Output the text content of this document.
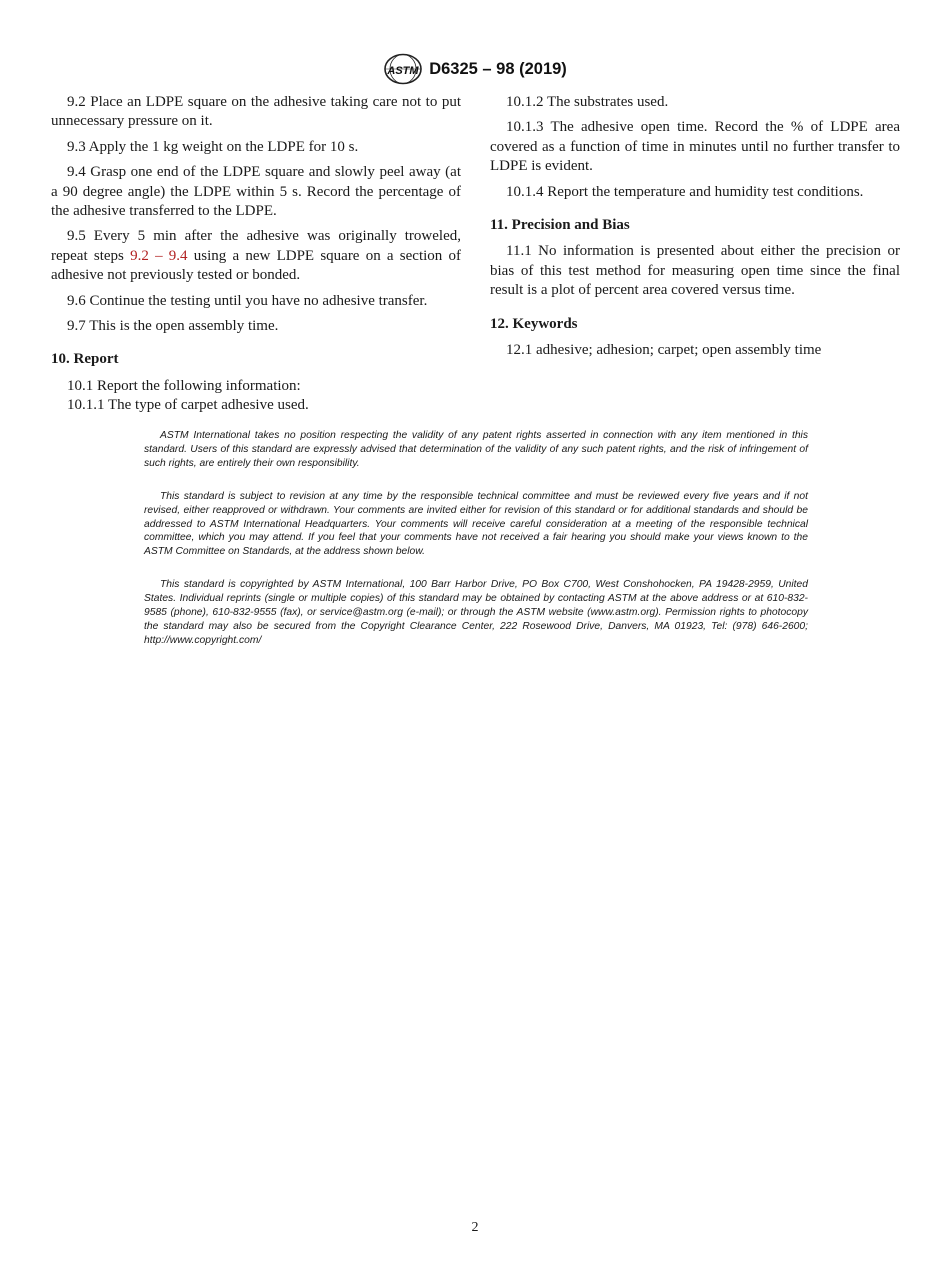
ASTM D6325 – 98 (2019)

9.2 Place an LDPE square on the adhesive taking care not to put unnecessary pressure on it.

9.3 Apply the 1 kg weight on the LDPE for 10 s.

9.4 Grasp one end of the LDPE square and slowly peel away (at a 90 degree angle) the LDPE within 5 s. Record the percentage of the adhesive transferred to the LDPE.

9.5 Every 5 min after the adhesive was originally troweled, repeat steps 9.2 – 9.4 using a new LDPE square on a section of adhesive not previously tested or bonded.

9.6 Continue the testing until you have no adhesive transfer.

9.7 This is the open assembly time.

10. Report

10.1 Report the following information:

10.1.1 The type of carpet adhesive used.

10.1.2 The substrates used.

10.1.3 The adhesive open time. Record the % of LDPE area covered as a function of time in minutes until no further transfer to LDPE is evident.

10.1.4 Report the temperature and humidity test conditions.

11. Precision and Bias

11.1 No information is presented about either the precision or bias of this test method for measuring open time since the final result is a plot of percent area covered versus time.

12. Keywords

12.1 adhesive; adhesion; carpet; open assembly time

ASTM International takes no position respecting the validity of any patent rights asserted in connection with any item mentioned in this standard. Users of this standard are expressly advised that determination of the validity of any such patent rights, and the risk of infringement of such rights, are entirely their own responsibility.

This standard is subject to revision at any time by the responsible technical committee and must be reviewed every five years and if not revised, either reapproved or withdrawn. Your comments are invited either for revision of this standard or for additional standards and should be addressed to ASTM International Headquarters. Your comments will receive careful consideration at a meeting of the responsible technical committee, which you may attend. If you feel that your comments have not received a fair hearing you should make your views known to the ASTM Committee on Standards, at the address shown below.

This standard is copyrighted by ASTM International, 100 Barr Harbor Drive, PO Box C700, West Conshohocken, PA 19428-2959, United States. Individual reprints (single or multiple copies) of this standard may be obtained by contacting ASTM at the above address or at 610-832-9585 (phone), 610-832-9555 (fax), or service@astm.org (e-mail); or through the ASTM website (www.astm.org). Permission rights to photocopy the standard may also be secured from the Copyright Clearance Center, 222 Rosewood Drive, Danvers, MA 01923, Tel: (978) 646-2600; http://www.copyright.com/

2
